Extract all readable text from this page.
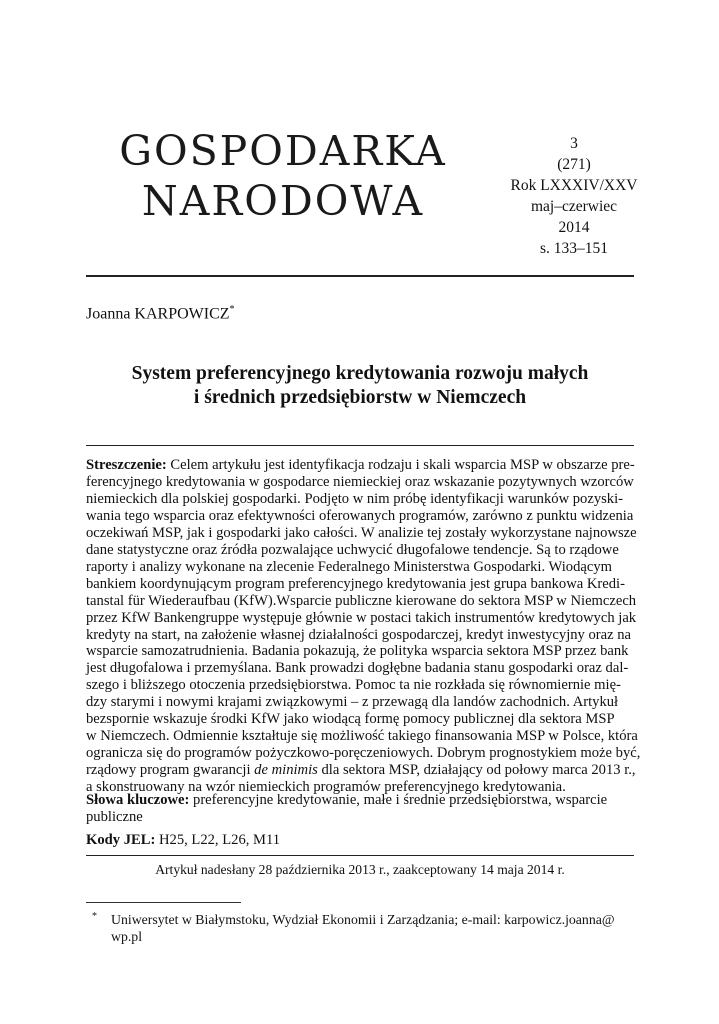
GOSPODARKA
NARODOWA
3
(271)
Rok LXXXIV/XXV
maj–czerwiec
2014
s. 133–151
Joanna KARPOWICZ*
System preferencyjnego kredytowania rozwoju małych
i średnich przedsiębiorstw w Niemczech
Streszczenie: Celem artykułu jest identyfikacja rodzaju i skali wsparcia MSP w obszarze pre-
ferencyjnego kredytowania w gospodarce niemieckiej oraz wskazanie pozytywnych wzorców
niemieckich dla polskiej gospodarki. Podjęto w nim próbę identyfikacji warunków pozyski-
wania tego wsparcia oraz efektywności oferowanych programów, zarówno z punktu widzenia
oczekiwań MSP, jak i gospodarki jako całości. W analizie tej zostały wykorzystane najnowsze
dane statystyczne oraz źródła pozwalające uchwycić długofalowe tendencje. Są to rządowe
raporty i analizy wykonane na zlecenie Federalnego Ministerstwa Gospodarki. Wiodącym
bankiem koordynującym program preferencyjnego kredytowania jest grupa bankowa Kredi-
tanstal für Wiederaufbau (KfW).Wsparcie publiczne kierowane do sektora MSP w Niemczech
przez KfW Bankengruppe występuje głównie w postaci takich instrumentów kredytowych jak
kredyty na start, na założenie własnej działalności gospodarczej, kredyt inwestycyjny oraz na
wsparcie samozatrudnienia. Badania pokazują, że polityka wsparcia sektora MSP przez bank
jest długofalowa i przemyślana. Bank prowadzi dogłębne badania stanu gospodarki oraz dal-
szego i bliższego otoczenia przedsiębiorstwa. Pomoc ta nie rozkłada się równomiernie mię-
dzy starymi i nowymi krajami związkowymi – z przewagą dla landów zachodnich. Artykuł
bezspornie wskazuje środki KfW jako wiodącą formę pomocy publicznej dla sektora MSP
w Niemczech. Odmiennie kształtuje się możliwość takiego finansowania MSP w Polsce, która
ogranicza się do programów pożyczkowo-poręczeniowych. Dobrym prognostykiem może być,
rządowy program gwarancji de minimis dla sektora MSP, działający od połowy marca 2013 r.,
a skonstruowany na wzór niemieckich programów preferencyjnego kredytowania.
Słowa kluczowe: preferencyjne kredytowanie, małe i średnie przedsiębiorstwa, wsparcie
publiczne
Kody JEL: H25, L22, L26, M11
Artykuł nadesłany 28 października 2013 r., zaakceptowany 14 maja 2014 r.
*	Uniwersytet w Białymstoku, Wydział Ekonomii i Zarządzania; e-mail: karpowicz.joanna@
wp.pl
